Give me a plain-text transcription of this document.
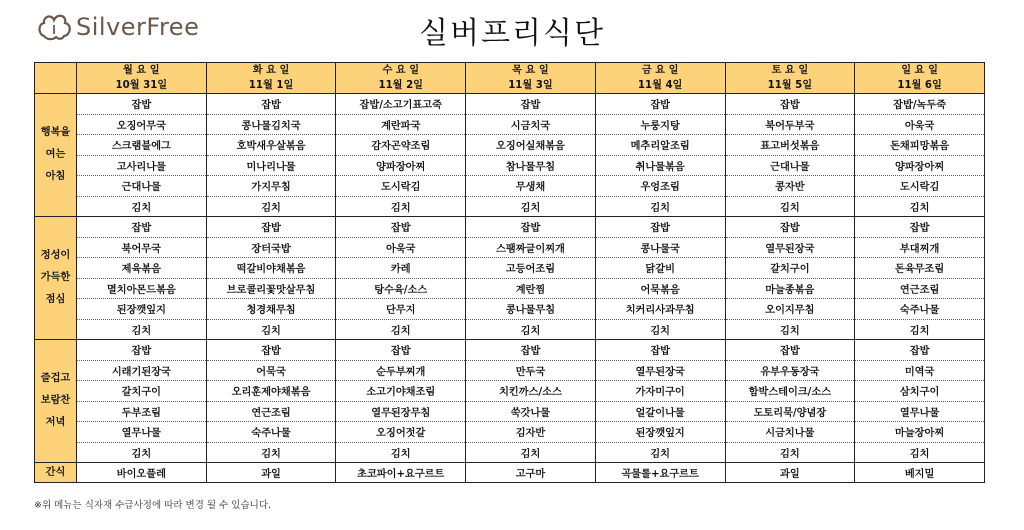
SilverFree	실버프리식단
	월 요 일	화 요 일	수 요 일	목 요 일	금 요 일	토 요 일	일 요 일
	10월 31일	11월 1일	11월 2일	11월 3일	11월 4일	11월 5일	11월 6일

행복을
여는
아침	잡밥	잡밥	잡밥/소고기표고죽	잡밥	잡밥	잡밥	잡밥/녹두죽
	오징어무국	콩나물김치국	계란파국	시금치국	누룽지탕	북어두부국	아욱국
	스크램블에그	호박새우살볶음	감자곤약조림	오징어실채볶음	메추리알조림	표고버섯볶음	돈채피망볶음
	고사리나물	미나리나물	양파장아찌	참나물무침	취나물볶음	근대나물	양파장아찌
	근대나물	가지무침	도시락김	무생채	우엉조림	콩자반	도시락김
	김치	김치	김치	김치	김치	김치	김치

정성이
가득한
점심	잡밥	잡밥	잡밥	잡밥	잡밥	잡밥	잡밥
	북어무국	장터국밥	아욱국	스팸짜글이찌개	콩나물국	열무된장국	부대찌개
	제육볶음	떡갈비야채볶음	카레	고등어조림	닭갈비	갈치구이	돈육무조림
	멸치아몬드볶음	브로콜리꽃맛살무침	탕수육/소스	계란찜	어묵볶음	마늘종볶음	연근조림
	된장깻잎지	청경채무침	단무지	콩나물무침	치커리사과무침	오이지무침	숙주나물
	김치	김치	김치	김치	김치	김치	김치

즐겁고
보람찬
저녁	잡밥	잡밥	잡밥	잡밥	잡밥	잡밥	잡밥
	시래기된장국	어묵국	순두부찌개	만두국	열무된장국	유부우동장국	미역국
	갈치구이	오리훈제야채볶음	소고기야채조림	치킨까스/소스	가자미구이	함박스테이크/소스	삼치구이
	두부조림	연근조림	열무된장무침	쑥갓나물	얼갈이나물	도토리묵/양념장	열무나물
	열무나물	숙주나물	오징어젓갈	김자반	된장깻잎지	시금치나물	마늘장아찌
	김치	김치	김치	김치	김치	김치	김치
간식	바이오플레	과일	초코파이+요구르트	고구마	곡물롤+요구르트	과일	베지밀
※위 메뉴는 식자재 수급사정에 따라 변경 될 수 있습니다.
